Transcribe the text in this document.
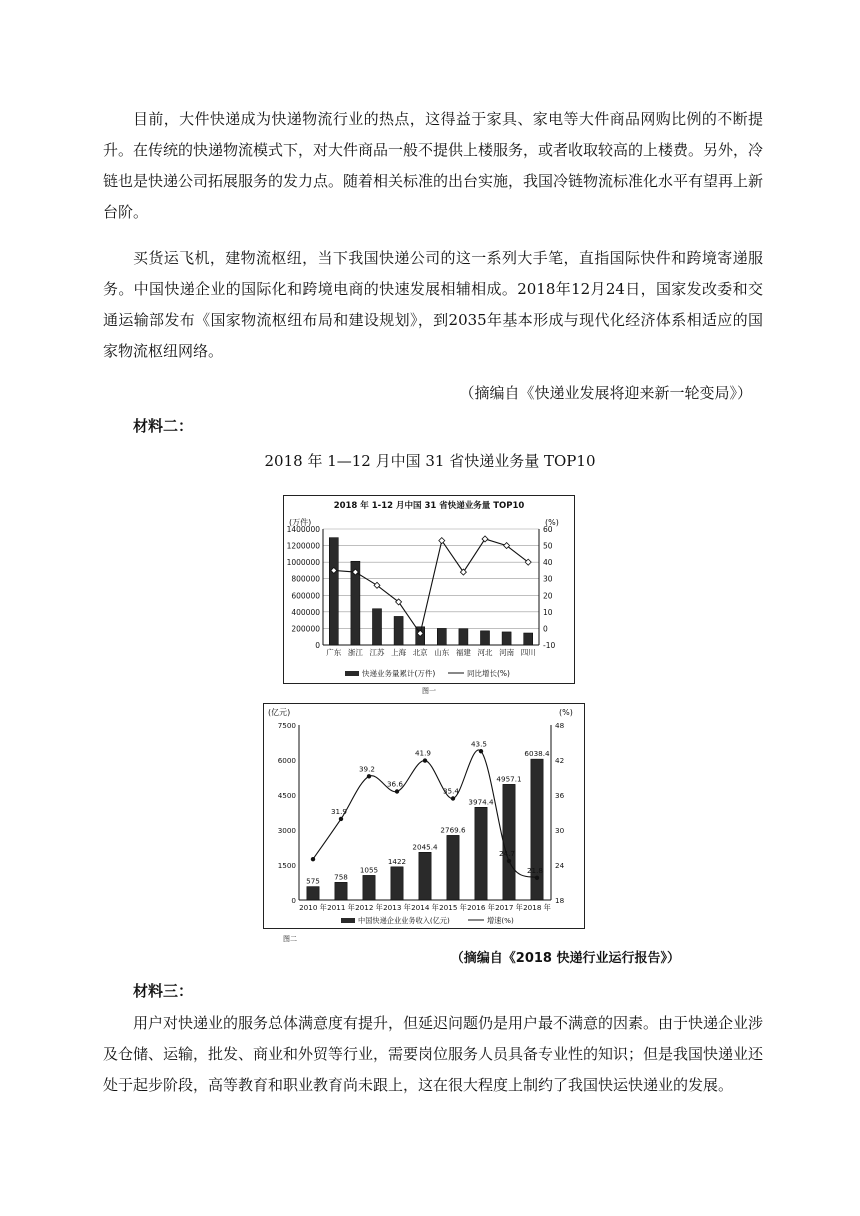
目前，大件快递成为快递物流行业的热点，这得益于家具、家电等大件商品网购比例的不断提升。在传统的快递物流模式下，对大件商品一般不提供上楼服务，或者收取较高的上楼费。另外，冷链也是快递公司拓展服务的发力点。随着相关标准的出台实施，我国冷链物流标准化水平有望再上新台阶。

买货运飞机，建物流枢纽，当下我国快递公司的这一系列大手笔，直指国际快件和跨境寄递服务。中国快递企业的国际化和跨境电商的快速发展相辅相成。2018年12月24日，国家发改委和交通运输部发布《国家物流枢纽布局和建设规划》，到2035年基本形成与现代化经济体系相适应的国家物流枢纽网络。

（摘编自《快递业发展将迎来新一轮变局》）
材料二：
2018 年 1—12 月中国 31 省快递业务量 TOP10
2018 年 1-12 月中国 31 省快递业务量 TOP10
(万件)	(%)
1400000
1200000
1000000
800000
600000
400000
200000
0
60
50
40
30
20
10
0
-10
广东 浙江 江苏 上海 北京 山东 福建 河北 河南 四川
快递业务量累计(万件)	同比增长(%)
图一
(亿元)	(%)
7500
6000
4500
3000
1500
0
48
42
36
30
24
18
575 758
1055
1422
2045.4
2769.6
3974.4
4957.1
6038.4
31.9
39.2
36.6
41.9
35.4
43.5
24.7
21.8
2010 年 2011 年 2012 年 2013 年 2014 年 2015 年 2016 年 2017 年 2018 年
中国快递企业业务收入(亿元)	增速(%)
图二
（摘编自《2018 快递行业运行报告》）
材料三：

用户对快递业的服务总体满意度有提升，但延迟问题仍是用户最不满意的因素。由于快递企业涉及仓储、运输，批发、商业和外贸等行业，需要岗位服务人员具备专业性的知识；但是我国快递业还处于起步阶段，高等教育和职业教育尚未跟上，这在很大程度上制约了我国快运快递业的发展。
